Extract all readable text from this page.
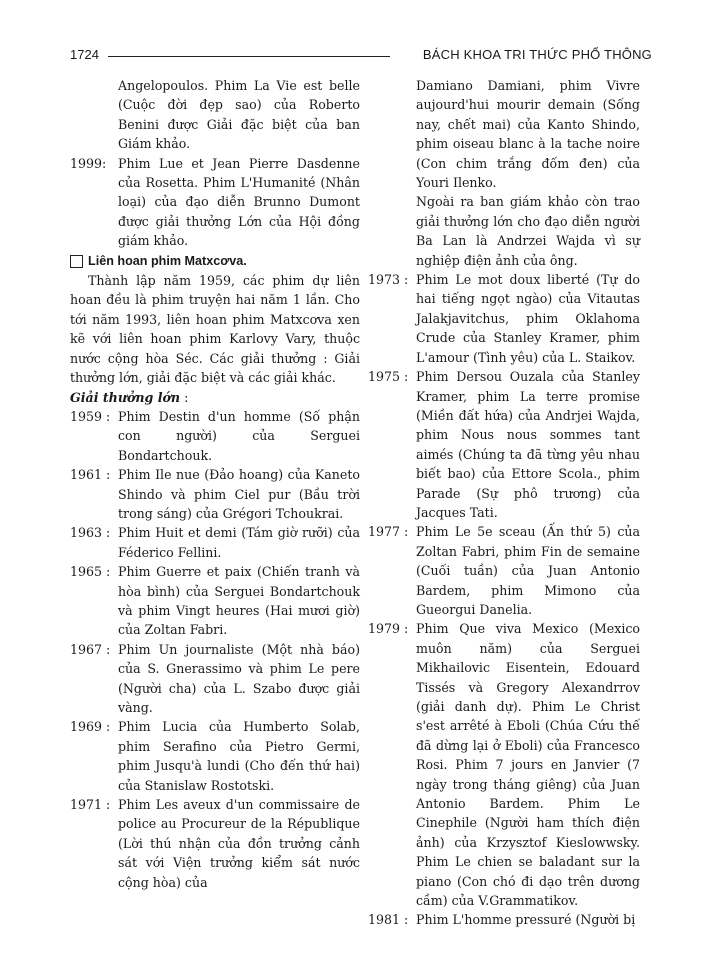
1724	BÁCH KHOA TRI THỨC PHỔ THÔNG
Angelopoulos. Phim La Vie est belle (Cuộc đời đẹp sao) của Roberto Benini được Giải đặc biệt của ban Giám khảo.
1999: Phim Lue et Jean Pierre Dasdenne của Rosetta. Phim L'Humanité (Nhân loại) của đạo diễn Brunno Dumont được giải thưởng Lớn của Hội đồng giám khảo.
Liên hoan phim Matxcơva.
Thành lập năm 1959, các phim dự liên hoan đều là phim truyện hai năm 1 lần. Cho tới năm 1993, liên hoan phim Matxcơva xen kẽ với liên hoan phim Karlovy Vary, thuộc nước cộng hòa Séc. Các giải thưởng : Giải thưởng lớn, giải đặc biệt và các giải khác.
Giải thưởng lớn :
1959 : Phim Destin d'un homme (Số phận con người) của Serguei Bondartchouk.
1961 : Phim Ile nue (Đảo hoang) của Kaneto Shindo và phim Ciel pur (Bầu trời trong sáng) của Grégori Tchoukrai.
1963 : Phim Huit et demi (Tám giờ rưỡi) của Féderico Fellini.
1965 : Phim Guerre et paix (Chiến tranh và hòa bình) của Serguei Bondartchouk và phim Vingt heures (Hai mươi giờ) của Zoltan Fabri.
1967 : Phim Un journaliste (Một nhà báo) của S. Gnerassimo và phim Le pere (Người cha) của L. Szabo được giải vàng.
1969 : Phim Lucia của Humberto Solab, phim Serafino của Pietro Germi, phim Jusqu'à lundi (Cho đến thứ hai) của Stanislaw Rostotski.
1971 : Phim Les aveux d'un commissaire de police au Procureur de la République (Lời thú nhận của đồn trưởng cảnh sát với Viện trưởng kiểm sát nước cộng hòa) của
Damiano Damiani, phim Vivre aujourd'hui mourir demain (Sống nay, chết mai) của Kanto Shindo, phim oiseau blanc à la tache noire (Con chim trắng đốm đen) của Youri Ilenko.
Ngoài ra ban giám khảo còn trao giải thưởng lớn cho đạo diễn người Ba Lan là Andrzei Wajda vì sự nghiệp điện ảnh của ông.
1973 : Phim Le mot doux liberté (Tự do hai tiếng ngọt ngào) của Vitautas Jalakjavitchus, phim Oklahoma Crude của Stanley Kramer, phim L'amour (Tình yêu) của L. Staikov.
1975 : Phim Dersou Ouzala của Stanley Kramer, phim La terre promise (Miền đất hứa) của Andrjei Wajda, phim Nous nous sommes tant aimés (Chúng ta đã từng yêu nhau biết bao) của Ettore Scola., phim Parade (Sự phô trương) của Jacques Tati.
1977 : Phim Le 5e sceau (Ấn thứ 5) của Zoltan Fabri, phim Fin de semaine (Cuối tuần) của Juan Antonio Bardem, phim Mimono của Gueorgui Danelia.
1979 : Phim Que viva Mexico (Mexico muôn năm) của Serguei Mikhailovic Eisentein, Edouard Tissés và Gregory Alexandrrov (giải danh dự). Phim Le Christ s'est arrêté à Eboli (Chúa Cứu thế đã dừng lại ở Eboli) của Francesco Rosi. Phim 7 jours en Janvier (7 ngày trong tháng giêng) của Juan Antonio Bardem. Phim Le Cinephile (Người ham thích điện ảnh) của Krzysztof Kieslowwsky. Phim Le chien se baladant sur la piano (Con chó đi dạo trên dương cầm) của V.Grammatikov.
1981 : Phim L'homme pressuré (Người bị
